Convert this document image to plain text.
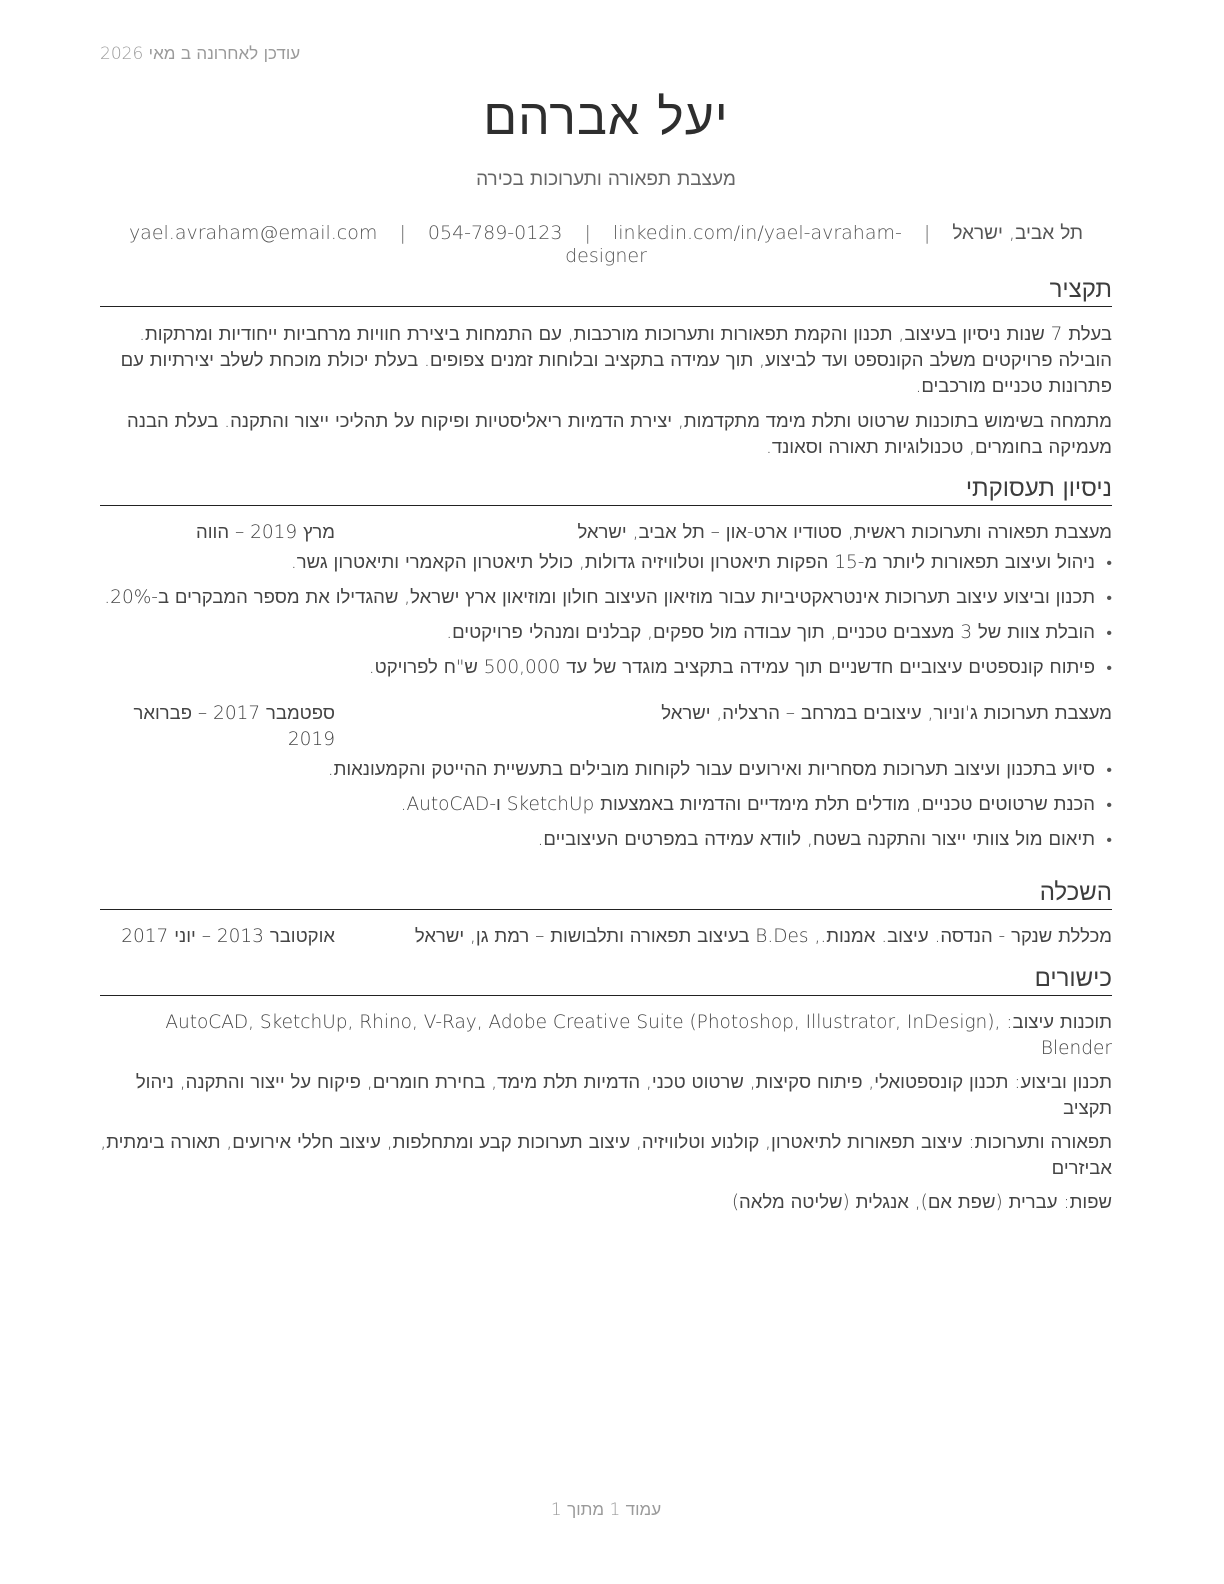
עודכן לאחרונה ב מאי 2026
יעל אברהם
מעצבת תפאורה ותערוכות בכירה
תל אביב, ישראל | yael.avraham@email.com | 054-789-0123 | linkedin.com/in/yael-avraham-designer
תקציר

בעלת 7 שנות ניסיון בעיצוב, תכנון והקמת תפאורות ותערוכות מורכבות, עם התמחות ביצירת חוויות מרחביות ייחודיות ומרתקות. הובילה פרויקטים משלב הקונספט ועד לביצוע, תוך עמידה בתקציב ובלוחות זמנים צפופים. בעלת יכולת מוכחת לשלב יצירתיות עם פתרונות טכניים מורכבים.

מתמחה בשימוש בתוכנות שרטוט ותלת מימד מתקדמות, יצירת הדמיות ריאליסטיות ופיקוח על תהליכי ייצור והתקנה. בעלת הבנה מעמיקה בחומרים, טכנולוגיות תאורה וסאונד.

ניסיון תעסוקתי
מעצבת תפאורה ותערוכות ראשית, סטודיו ארט-און – תל אביב, ישראל
מרץ 2019 – הווה
• ניהול ועיצוב תפאורות ליותר מ-15 הפקות תיאטרון וטלוויזיה גדולות, כולל תיאטרון הקאמרי ותיאטרון גשר.
• תכנון וביצוע עיצוב תערוכות אינטראקטיביות עבור מוזיאון העיצוב חולון ומוזיאון ארץ ישראל, שהגדילו את מספר המבקרים ב-20%.
• הובלת צוות של 3 מעצבים טכניים, תוך עבודה מול ספקים, קבלנים ומנהלי פרויקטים.
• פיתוח קונספטים עיצוביים חדשניים תוך עמידה בתקציב מוגדר של עד 500,000 ש"ח לפרויקט.
מעצבת תערוכות ג'וניור, עיצובים במרחב – הרצליה, ישראל
ספטמבר 2017 – פברואר 2019
• סיוע בתכנון ועיצוב תערוכות מסחריות ואירועים עבור לקוחות מובילים בתעשיית ההייטק והקמעונאות.
• הכנת שרטוטים טכניים, מודלים תלת מימדיים והדמיות באמצעות SketchUp ו-AutoCAD.
• תיאום מול צוותי ייצור והתקנה בשטח, לוודא עמידה במפרטים העיצוביים.
השכלה
מכללת שנקר - הנדסה. עיצוב. אמנות., B.Des בעיצוב תפאורה ותלבושות – רמת גן, ישראל
אוקטובר 2013 – יוני 2017
כישורים

תוכנות עיצוב: AutoCAD, SketchUp, Rhino, V-Ray, Adobe Creative Suite (Photoshop, Illustrator, InDesign), Blender

תכנון וביצוע: תכנון קונספטואלי, פיתוח סקיצות, שרטוט טכני, הדמיות תלת מימד, בחירת חומרים, פיקוח על ייצור והתקנה, ניהול תקציב

תפאורה ותערוכות: עיצוב תפאורות לתיאטרון, קולנוע וטלוויזיה, עיצוב תערוכות קבע ומתחלפות, עיצוב חללי אירועים, תאורה בימתית, אביזרים

שפות: עברית (שפת אם), אנגלית (שליטה מלאה)

עמוד 1 מתוך 1
